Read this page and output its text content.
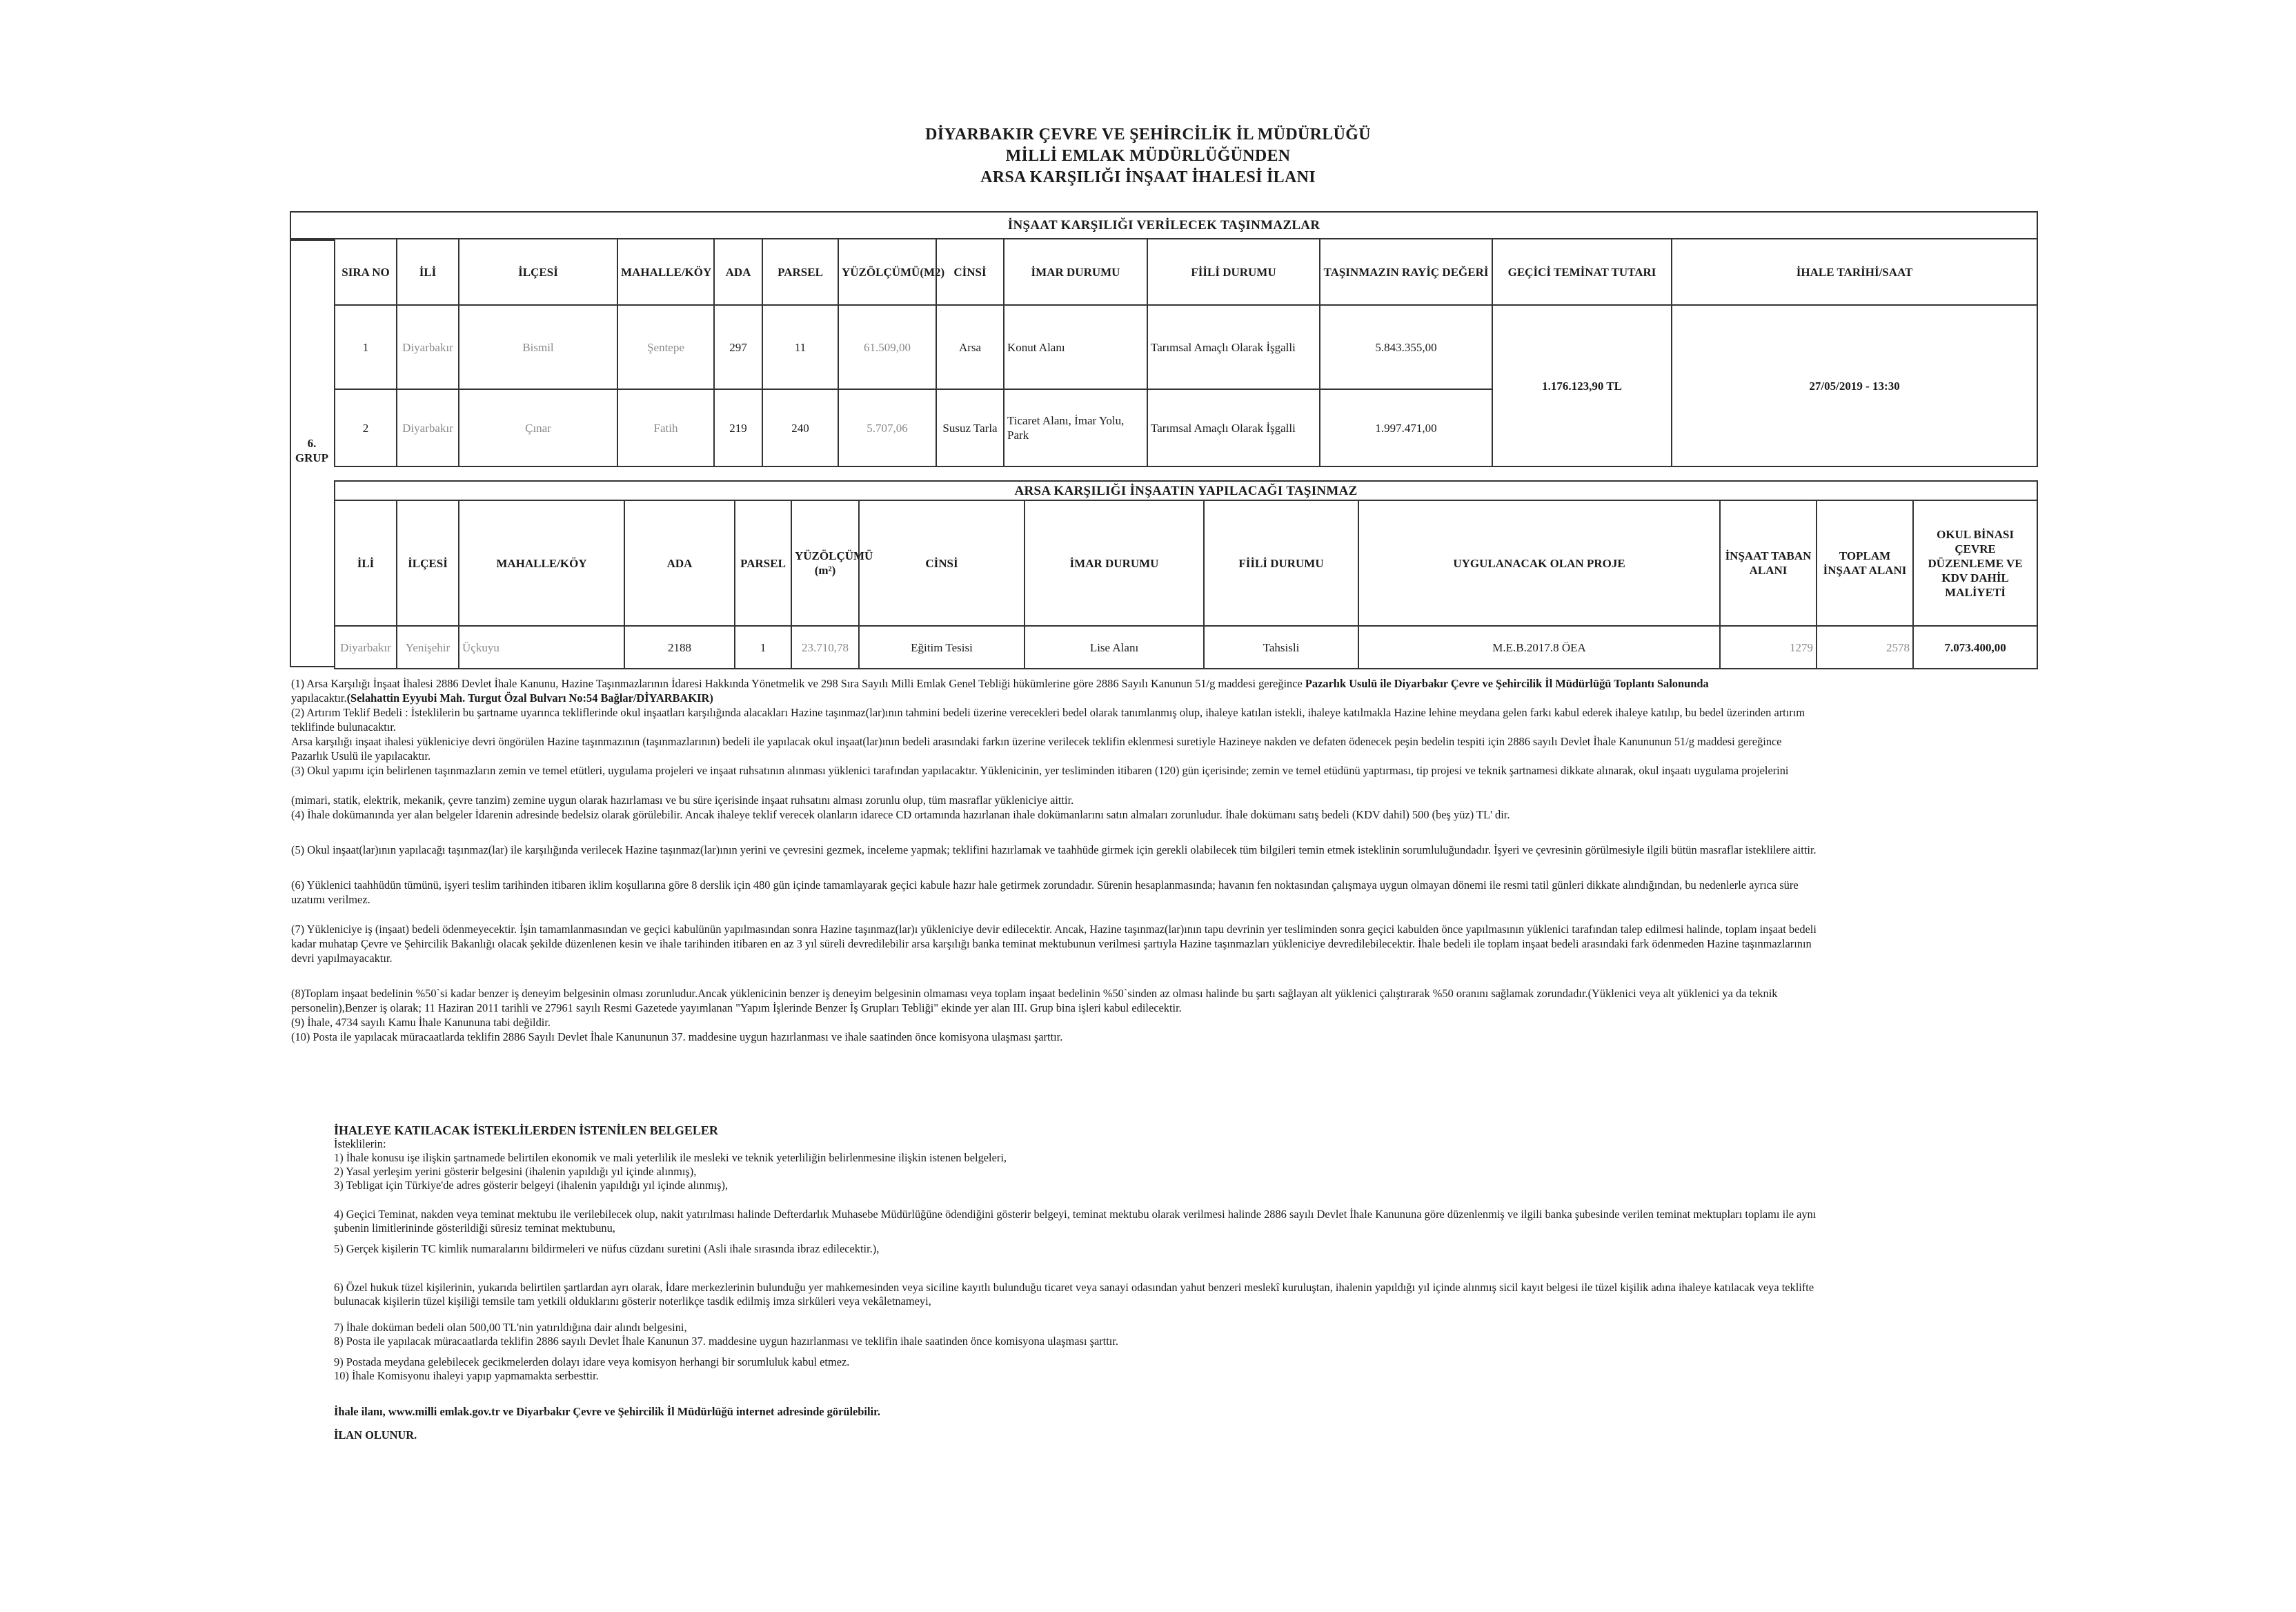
DİYARBAKIR ÇEVRE VE ŞEHİRCİLİK İL MÜDÜRLÜĞÜ
MİLLİ EMLAK MÜDÜRLÜĞÜNDEN
ARSA KARŞILIĞI İNŞAAT İHALESİ İLANI
6. GRUP
İNŞAAT KARŞILIĞI VERİLECEK TAŞINMAZLAR													
	SIRA NO	İLİ	İLÇESİ	MAHALLE/KÖY	ADA	PARSEL	YÜZÖLÇÜMÜ(M2)	CİNSİ	İMAR DURUMU	FİİLİ DURUMU	TAŞINMAZIN RAYİÇ DEĞERİ	GEÇİCİ TEMİNAT TUTARI	İHALE TARİHİ/SAAT
	1	Diyarbakır	Bismil	Şentepe	297	11	61.509,00	Arsa	Konut Alanı	Tarımsal Amaçlı Olarak İşgalli	5.843.355,00	1.176.123,90 TL	27/05/2019 - 13:30
	2	Diyarbakır	Çınar	Fatih	219	240	5.707,06	Susuz Tarla	Ticaret Alanı, İmar Yolu, Park	Tarımsal Amaçlı Olarak İşgalli	1.997.471,00		
ARSA KARŞILIĞI İNŞAATIN YAPILACAĞI TAŞINMAZ												
İLİ	İLÇESİ	MAHALLE/KÖY	ADA	PARSEL	YÜZÖLÇÜMÜ (m²)	CİNSİ	İMAR DURUMU	FİİLİ DURUMU	UYGULANACAK OLAN PROJE	İNŞAAT TABAN ALANI	TOPLAM İNŞAAT ALANI	OKUL BİNASI ÇEVRE DÜZENLEME VE KDV DAHİL MALİYETİ
Diyarbakır	Yenişehir	Üçkuyu	2188	1	23.710,78	Eğitim Tesisi	Lise Alanı	Tahsisli	M.E.B.2017.8 ÖEA	1279	2578	7.073.400,00

(1) Arsa Karşılığı İnşaat İhalesi 2886 Devlet İhale Kanunu, Hazine Taşınmazlarının İdaresi Hakkında Yönetmelik ve 298 Sıra Sayılı Milli Emlak Genel Tebliği hükümlerine göre 2886 Sayılı Kanunun 51/g maddesi gereğince Pazarlık Usulü ile Diyarbakır Çevre ve Şehircilik İl Müdürlüğü Toplantı Salonunda

yapılacaktır.(Selahattin Eyyubi Mah. Turgut Özal Bulvarı No:54 Bağlar/DİYARBAKIR)

(2) Artırım Teklif Bedeli : İsteklilerin bu şartname uyarınca tekliflerinde okul inşaatları karşılığında alacakları Hazine taşınmaz(lar)ının tahmini bedeli üzerine verecekleri bedel olarak tanımlanmış olup, ihaleye katılan istekli, ihaleye katılmakla Hazine lehine meydana gelen farkı kabul ederek ihaleye katılıp, bu bedel üzerinden artırım

teklifinde bulunacaktır.

Arsa karşılığı inşaat ihalesi yükleniciye devri öngörülen Hazine taşınmazının (taşınmazlarının) bedeli ile yapılacak okul inşaat(lar)ının bedeli arasındaki farkın üzerine verilecek teklifin eklenmesi suretiyle Hazineye nakden ve defaten ödenecek peşin bedelin tespiti için 2886 sayılı Devlet İhale Kanununun 51/g maddesi gereğince

Pazarlık Usulü ile yapılacaktır.

(3) Okul yapımı için belirlenen taşınmazların zemin ve temel etütleri, uygulama projeleri ve inşaat ruhsatının alınması yüklenici tarafından yapılacaktır. Yüklenicinin, yer tesliminden itibaren (120) gün içerisinde; zemin ve temel etüdünü yaptırması, tip projesi ve teknik şartnamesi dikkate alınarak, okul inşaatı uygulama projelerini

(mimari, statik, elektrik, mekanik, çevre tanzim) zemine uygun olarak hazırlaması ve bu süre içerisinde inşaat ruhsatını alması zorunlu olup, tüm masraflar yükleniciye aittir.

(4) İhale dokümanında yer alan belgeler İdarenin adresinde bedelsiz olarak görülebilir. Ancak ihaleye teklif verecek olanların idarece CD ortamında hazırlanan ihale dokümanlarını satın almaları zorunludur. İhale dokümanı satış bedeli (KDV dahil) 500 (beş yüz) TL' dir.

(5) Okul inşaat(lar)ının yapılacağı taşınmaz(lar) ile karşılığında verilecek Hazine taşınmaz(lar)ının yerini ve çevresini gezmek, inceleme yapmak; teklifini hazırlamak ve taahhüde girmek için gerekli olabilecek tüm bilgileri temin etmek isteklinin sorumluluğundadır. İşyeri ve çevresinin görülmesiyle ilgili bütün masraflar isteklilere aittir.

(6) Yüklenici taahhüdün tümünü, işyeri teslim tarihinden itibaren iklim koşullarına göre 8 derslik için 480 gün içinde tamamlayarak geçici kabule hazır hale getirmek zorundadır. Sürenin hesaplanmasında; havanın fen noktasından çalışmaya uygun olmayan dönemi ile resmi tatil günleri dikkate alındığından, bu nedenlerle ayrıca süre

uzatımı verilmez.

(7) Yükleniciye iş (inşaat) bedeli ödenmeyecektir. İşin tamamlanmasından ve geçici kabulünün yapılmasından sonra Hazine taşınmaz(lar)ı yükleniciye devir edilecektir. Ancak, Hazine taşınmaz(lar)ının tapu devrinin yer tesliminden sonra geçici kabulden önce yapılmasının yüklenici tarafından talep edilmesi halinde, toplam inşaat bedeli

kadar muhatap Çevre ve Şehircilik Bakanlığı olacak şekilde düzenlenen kesin ve ihale tarihinden itibaren en az 3 yıl süreli devredilebilir arsa karşılığı banka teminat mektubunun verilmesi şartıyla Hazine taşınmazları yükleniciye devredilebilecektir. İhale bedeli ile toplam inşaat bedeli arasındaki fark ödenmeden Hazine taşınmazlarının

devri yapılmayacaktır.

(8)Toplam inşaat bedelinin %50`si kadar benzer iş deneyim belgesinin olması zorunludur.Ancak yüklenicinin benzer iş deneyim belgesinin olmaması veya toplam inşaat bedelinin %50`sinden az olması halinde bu şartı sağlayan alt yüklenici çalıştırarak %50 oranını sağlamak zorundadır.(Yüklenici veya alt yüklenici ya da teknik

personelin),Benzer iş olarak; 11 Haziran 2011 tarihli ve 27961 sayılı Resmi Gazetede yayımlanan "Yapım İşlerinde Benzer İş Grupları Tebliği" ekinde yer alan III. Grup bina işleri kabul edilecektir.

(9) İhale, 4734 sayılı Kamu İhale Kanununa tabi değildir.

(10) Posta ile yapılacak müracaatlarda teklifin 2886 Sayılı Devlet İhale Kanununun 37. maddesine uygun hazırlanması ve ihale saatinden önce komisyona ulaşması şarttır.

İHALEYE KATILACAK İSTEKLİLERDEN İSTENİLEN BELGELER

İsteklilerin:

1) İhale konusu işe ilişkin şartnamede belirtilen ekonomik ve mali yeterlilik ile mesleki ve teknik yeterliliğin belirlenmesine ilişkin istenen belgeleri,

2) Yasal yerleşim yerini gösterir belgesini (ihalenin yapıldığı yıl içinde alınmış),

3) Tebligat için Türkiye'de adres gösterir belgeyi (ihalenin yapıldığı yıl içinde alınmış),

4) Geçici Teminat, nakden veya teminat mektubu ile verilebilecek olup, nakit yatırılması halinde Defterdarlık Muhasebe Müdürlüğüne ödendiğini gösterir belgeyi, teminat mektubu olarak verilmesi halinde 2886 sayılı Devlet İhale Kanununa göre düzenlenmiş ve ilgili banka şubesinde verilen teminat mektupları toplamı ile aynı

şubenin limitlerininde gösterildiği süresiz teminat mektubunu,

5) Gerçek kişilerin TC kimlik numaralarını bildirmeleri ve nüfus cüzdanı suretini (Asli ihale sırasında ibraz edilecektir.),

6) Özel hukuk tüzel kişilerinin, yukarıda belirtilen şartlardan ayrı olarak, İdare merkezlerinin bulunduğu yer mahkemesinden veya siciline kayıtlı bulunduğu ticaret veya sanayi odasından yahut benzeri meslekî kuruluştan, ihalenin yapıldığı yıl içinde alınmış sicil kayıt belgesi ile tüzel kişilik adına ihaleye katılacak veya teklifte

bulunacak kişilerin tüzel kişiliği temsile tam yetkili olduklarını gösterir noterlikçe tasdik edilmiş imza sirküleri veya vekâletnameyi,

7) İhale doküman bedeli olan 500,00 TL'nin yatırıldığına dair alındı belgesini,

8) Posta ile yapılacak müracaatlarda teklifin 2886 sayılı Devlet İhale Kanunun 37. maddesine uygun hazırlanması ve teklifin ihale saatinden önce komisyona ulaşması şarttır.

9) Postada meydana gelebilecek gecikmelerden dolayı idare veya komisyon herhangi bir sorumluluk kabul etmez.

10) İhale Komisyonu ihaleyi yapıp yapmamakta serbesttir.

İhale ilanı, www.milli emlak.gov.tr ve Diyarbakır Çevre ve Şehircilik İl Müdürlüğü internet adresinde görülebilir.

İLAN OLUNUR.
